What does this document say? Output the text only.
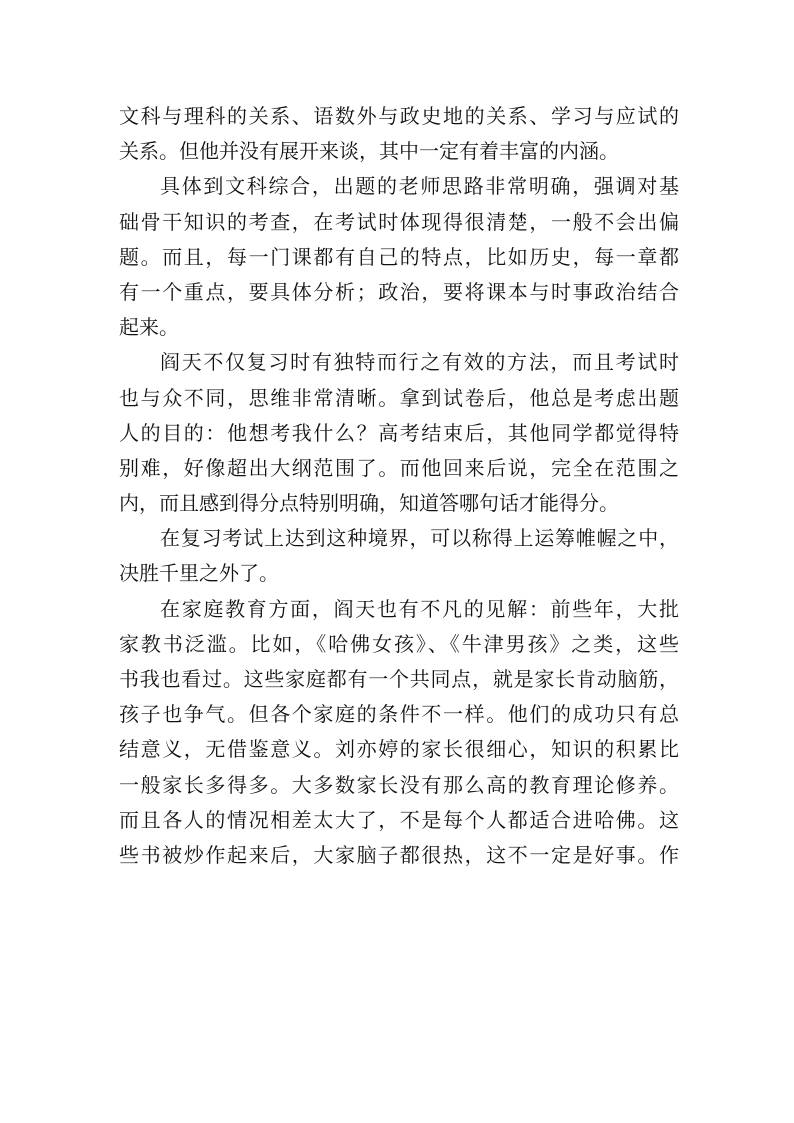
文科与理科的关系、语数外与政史地的关系、学习与应试的
关系。但他并没有展开来谈，其中一定有着丰富的内涵。
具体到文科综合，出题的老师思路非常明确，强调对基
础骨干知识的考查，在考试时体现得很清楚，一般不会出偏
题。而且，每一门课都有自己的特点，比如历史，每一章都
有一个重点，要具体分析；政治，要将课本与时事政治结合
起来。
阎天不仅复习时有独特而行之有效的方法，而且考试时
也与众不同，思维非常清晰。拿到试卷后，他总是考虑出题
人的目的：他想考我什么？高考结束后，其他同学都觉得特
别难，好像超出大纲范围了。而他回来后说，完全在范围之
内，而且感到得分点特别明确，知道答哪句话才能得分。
在复习考试上达到这种境界，可以称得上运筹帷幄之中，
决胜千里之外了。
在家庭教育方面，阎天也有不凡的见解：前些年，大批
家教书泛滥。比如，《哈佛女孩》、《牛津男孩》之类，这些
书我也看过。这些家庭都有一个共同点，就是家长肯动脑筋，
孩子也争气。但各个家庭的条件不一样。他们的成功只有总
结意义，无借鉴意义。刘亦婷的家长很细心，知识的积累比
一般家长多得多。大多数家长没有那么高的教育理论修养。
而且各人的情况相差太大了，不是每个人都适合进哈佛。这
些书被炒作起来后，大家脑子都很热，这不一定是好事。作
